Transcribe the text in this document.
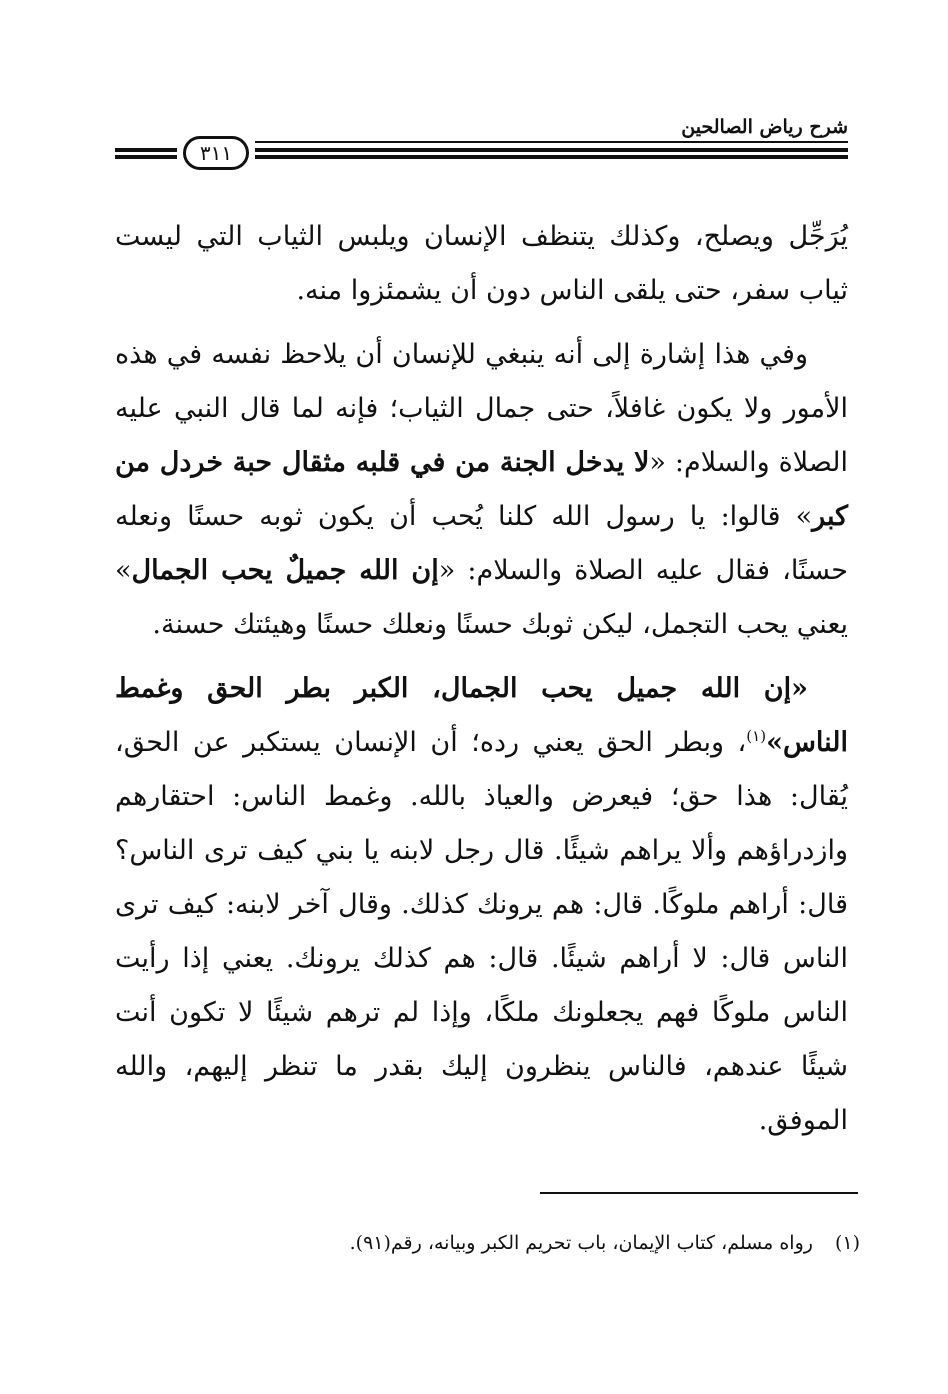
شرح رياض الصالحين
٣١١

يُرَجِّل ويصلح، وكذلك يتنظف الإنسان ويلبس الثياب التي ليست ثياب سفر، حتى يلقى الناس دون أن يشمئزوا منه.

وفي هذا إشارة إلى أنه ينبغي للإنسان أن يلاحظ نفسه في هذه الأمور ولا يكون غافلاً، حتى جمال الثياب؛ فإنه لما قال النبي عليه الصلاة والسلام: «لا يدخل الجنة من في قلبه مثقال حبة خردل من كبر» قالوا: يا رسول الله كلنا يُحب أن يكون ثوبه حسنًا ونعله حسنًا، فقال عليه الصلاة والسلام: «إن الله جميلٌ يحب الجمال» يعني يحب التجمل، ليكن ثوبك حسنًا ونعلك حسنًا وهيئتك حسنة.

«إن الله جميل يحب الجمال، الكبر بطر الحق وغمط الناس»$^{(١)}$، وبطر الحق يعني رده؛ أن الإنسان يستكبر عن الحق، يُقال: هذا حق؛ فيعرض والعياذ بالله. وغمط الناس: احتقارهم وازدراؤهم وألا يراهم شيئًا. قال رجل لابنه يا بني كيف ترى الناس؟ قال: أراهم ملوكًا. قال: هم يرونك كذلك. وقال آخر لابنه: كيف ترى الناس قال: لا أراهم شيئًا. قال: هم كذلك يرونك. يعني إذا رأيت الناس ملوكًا فهم يجعلونك ملكًا، وإذا لم ترهم شيئًا لا تكون أنت شيئًا عندهم، فالناس ينظرون إليك بقدر ما تنظر إليهم، والله الموفق.

(١)رواه مسلم، كتاب الإيمان، باب تحريم الكبر وبيانه، رقم(٩١).
